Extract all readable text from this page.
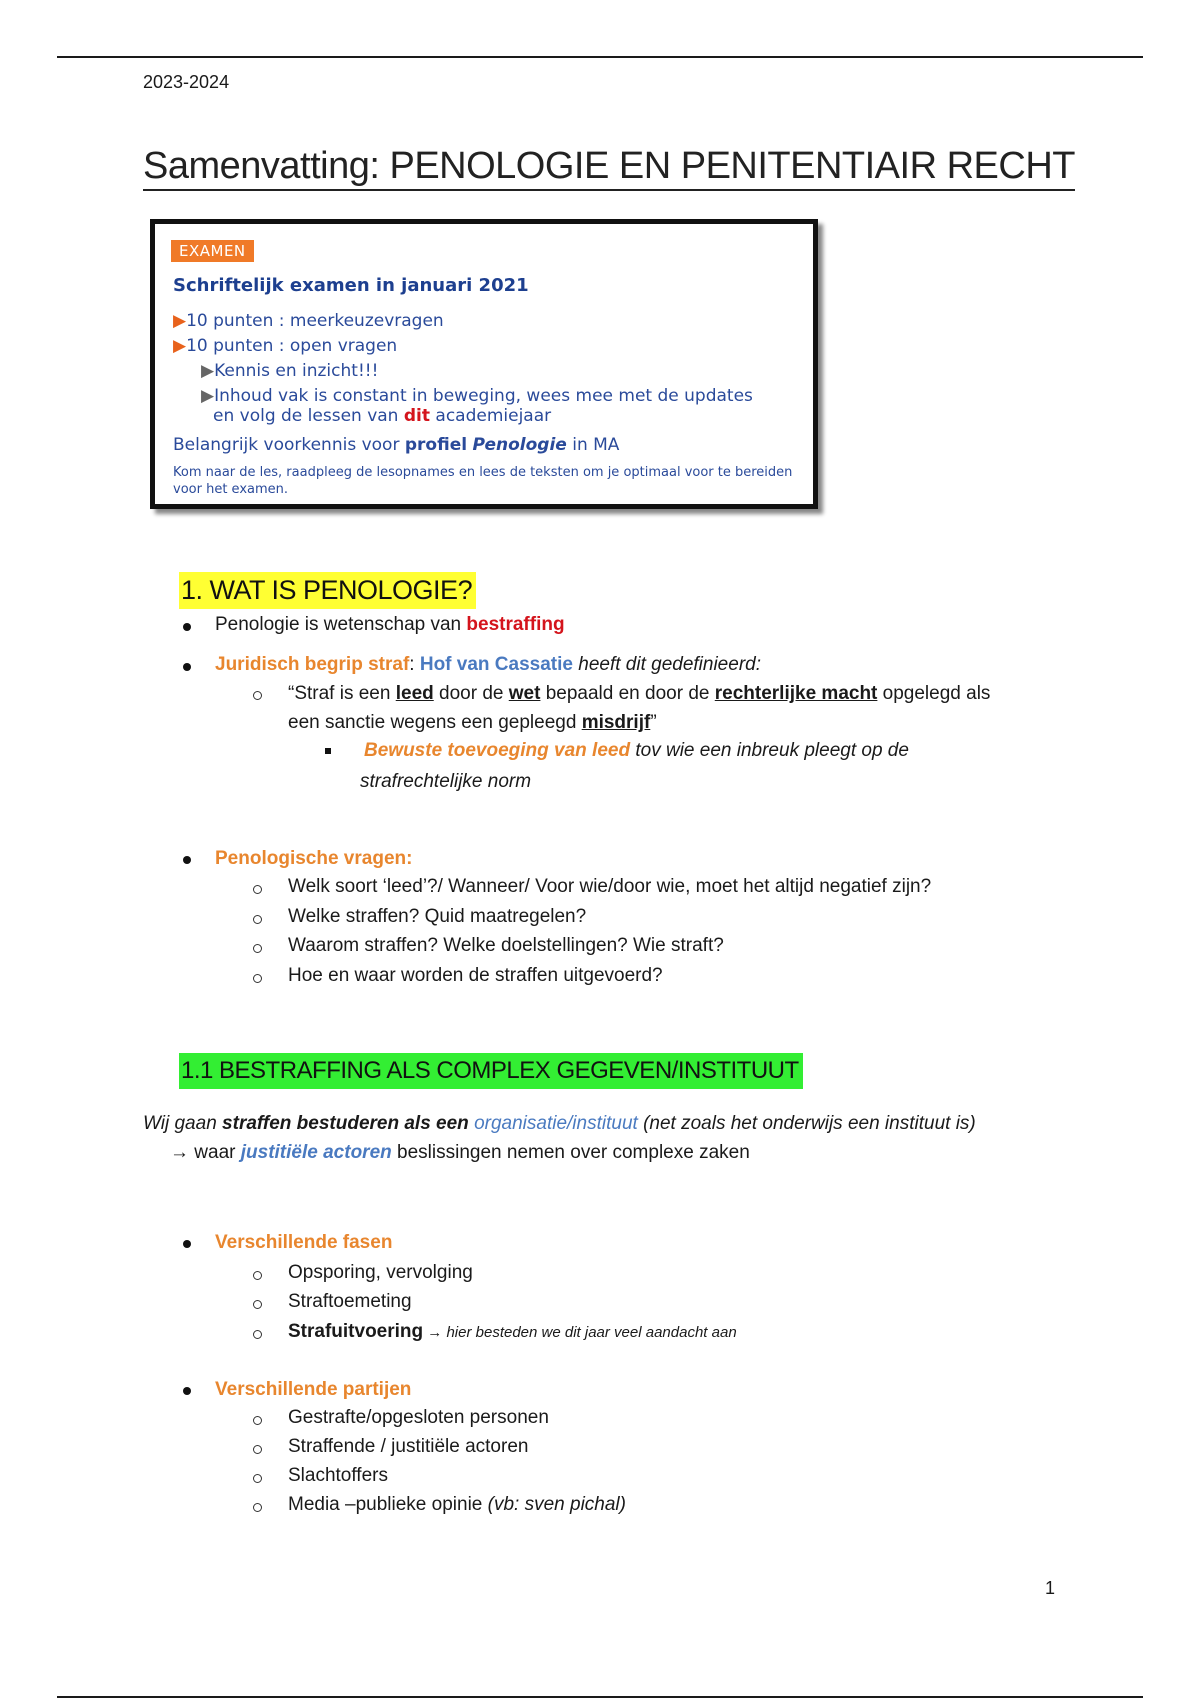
2023-2024
Samenvatting: PENOLOGIE EN PENITENTIAIR RECHT
EXAMEN
Schriftelijk examen in januari 2021
▶10 punten : meerkeuzevragen
▶10 punten : open vragen
▶Kennis en inzicht!!!
▶Inhoud vak is constant in beweging, wees mee met de updates
en volg de lessen van dit academiejaar
Belangrijk voorkennis voor profiel Penologie in MA
Kom naar de les, raadpleeg de lesopnames en lees de teksten om je optimaal voor te bereiden voor het examen.
1. WAT IS PENOLOGIE?
Penologie is wetenschap van bestraffing
Juridisch begrip straf: Hof van Cassatie heeft dit gedefinieerd:
“Straf is een leed door de wet bepaald en door de rechterlijke macht opgelegd als
een sanctie wegens een gepleegd misdrijf”
Bewuste toevoeging van leed tov wie een inbreuk pleegt op de
strafrechtelijke norm
Penologische vragen:
Welk soort ‘leed’?/ Wanneer/ Voor wie/door wie, moet het altijd negatief zijn?
Welke straffen? Quid maatregelen?
Waarom straffen? Welke doelstellingen? Wie straft?
Hoe en waar worden de straffen uitgevoerd?
1.1 BESTRAFFING ALS COMPLEX GEGEVEN/INSTITUUT
Wij gaan straffen bestuderen als een organisatie/instituut (net zoals het onderwijs een instituut is)
→ waar justitiële actoren beslissingen nemen over complexe zaken
Verschillende fasen
Opsporing, vervolging
Straftoemeting
Strafuitvoering → hier besteden we dit jaar veel aandacht aan
Verschillende partijen
Gestrafte/opgesloten personen
Straffende / justitiële actoren
Slachtoffers
Media –publieke opinie (vb: sven pichal)
1
